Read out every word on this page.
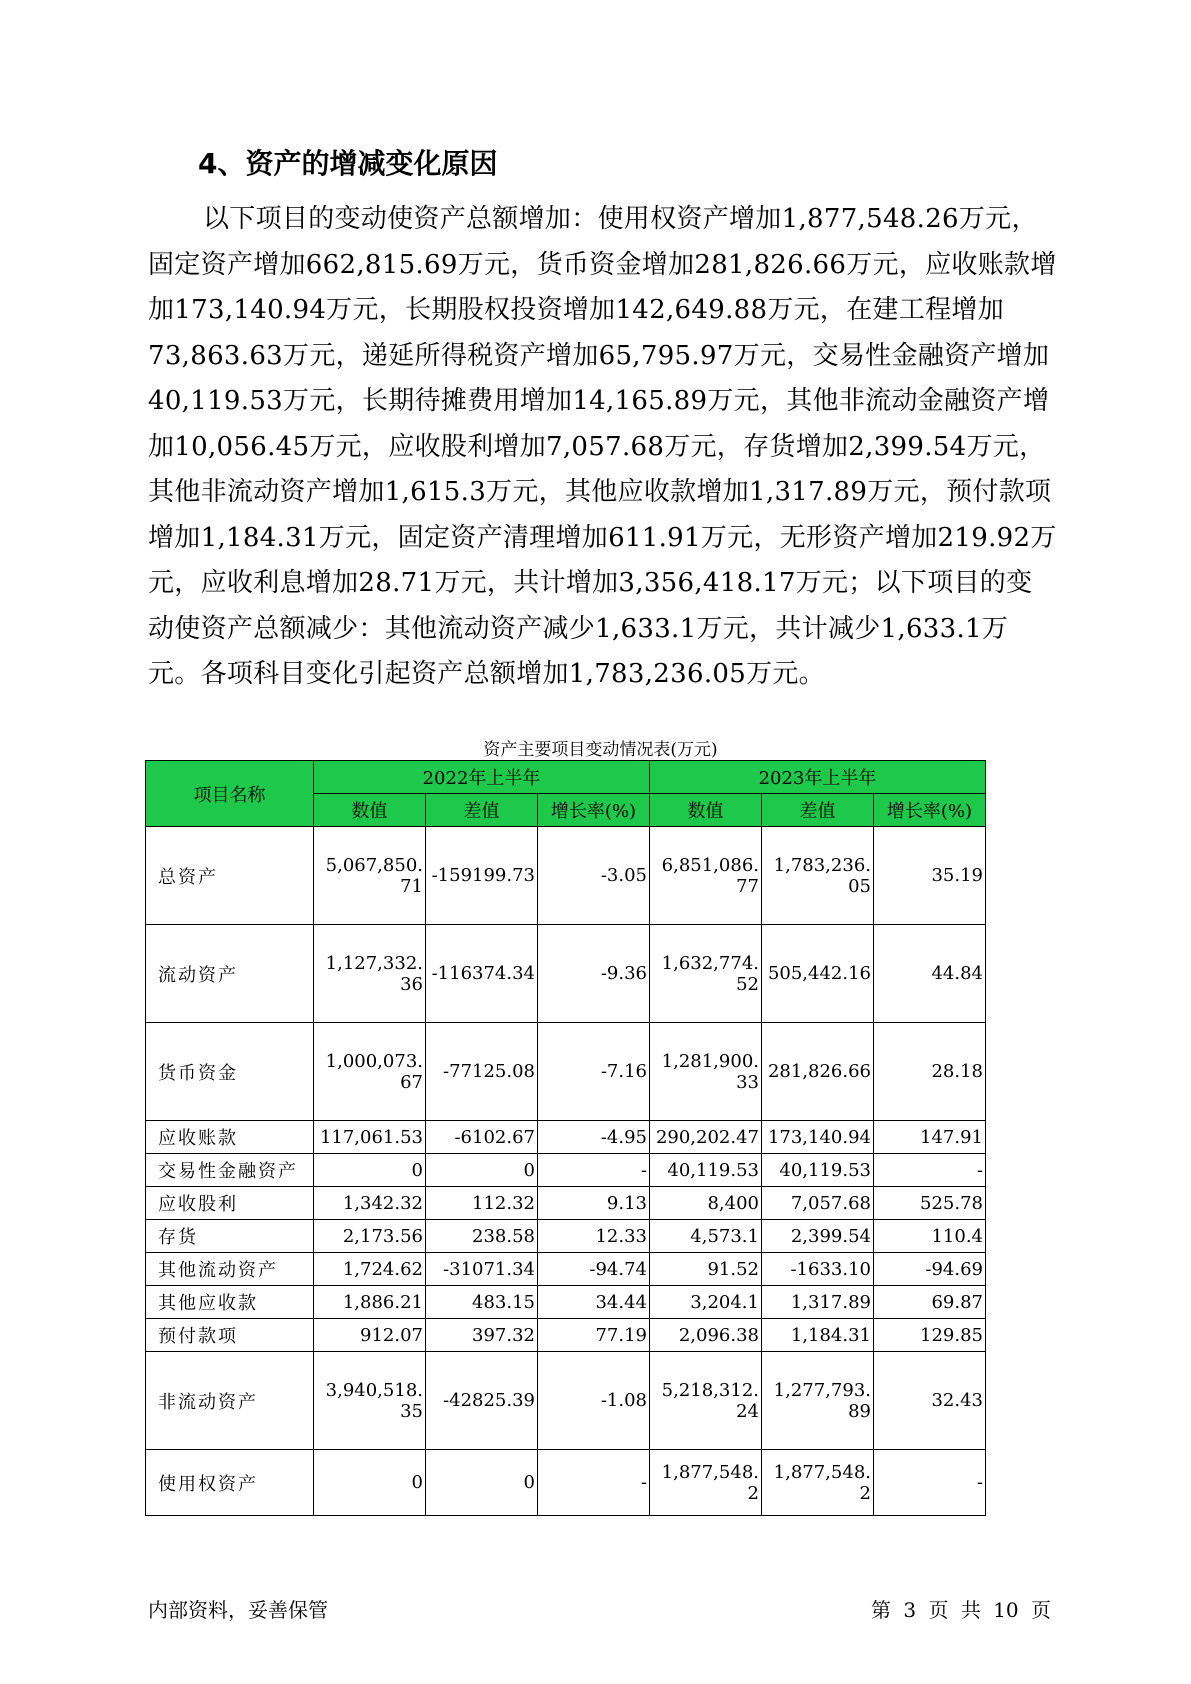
4、资产的增减变化原因
以下项目的变动使资产总额增加：使用权资产增加1,877,548.26万元，固定资产增加662,815.69万元，货币资金增加281,826.66万元，应收账款增加173,140.94万元，长期股权投资增加142,649.88万元，在建工程增加73,863.63万元，递延所得税资产增加65,795.97万元，交易性金融资产增加40,119.53万元，长期待摊费用增加14,165.89万元，其他非流动金融资产增加10,056.45万元，应收股利增加7,057.68万元，存货增加2,399.54万元，其他非流动资产增加1,615.3万元，其他应收款增加1,317.89万元，预付款项增加1,184.31万元，固定资产清理增加611.91万元，无形资产增加219.92万元，应收利息增加28.71万元，共计增加3,356,418.17万元；以下项目的变动使资产总额减少：其他流动资产减少1,633.1万元，共计减少1,633.1万元。各项科目变化引起资产总额增加1,783,236.05万元。
资产主要项目变动情况表(万元)
项目名称	2022年上半年			2023年上半年		
	数值	差值	增长率(%)	数值	差值	增长率(%)
总资产	5,067,850.71	-159199.73	-3.05	6,851,086.77	1,783,236.05	35.19
流动资产	1,127,332.36	-116374.34	-9.36	1,632,774.52	505,442.16	44.84
货币资金	1,000,073.67	-77125.08	-7.16	1,281,900.33	281,826.66	28.18
应收账款	117,061.53	-6102.67	-4.95	290,202.47	173,140.94	147.91
交易性金融资产	0	0	-	40,119.53	40,119.53	-
应收股利	1,342.32	112.32	9.13	8,400	7,057.68	525.78
存货	2,173.56	238.58	12.33	4,573.1	2,399.54	110.4
其他流动资产	1,724.62	-31071.34	-94.74	91.52	-1633.10	-94.69
其他应收款	1,886.21	483.15	34.44	3,204.1	1,317.89	69.87
预付款项	912.07	397.32	77.19	2,096.38	1,184.31	129.85
非流动资产	3,940,518.35	-42825.39	-1.08	5,218,312.24	1,277,793.89	32.43
使用权资产	0	0	-	1,877,548.2	1,877,548.2	-
内部资料，妥善保管	第 3 页 共 10 页
